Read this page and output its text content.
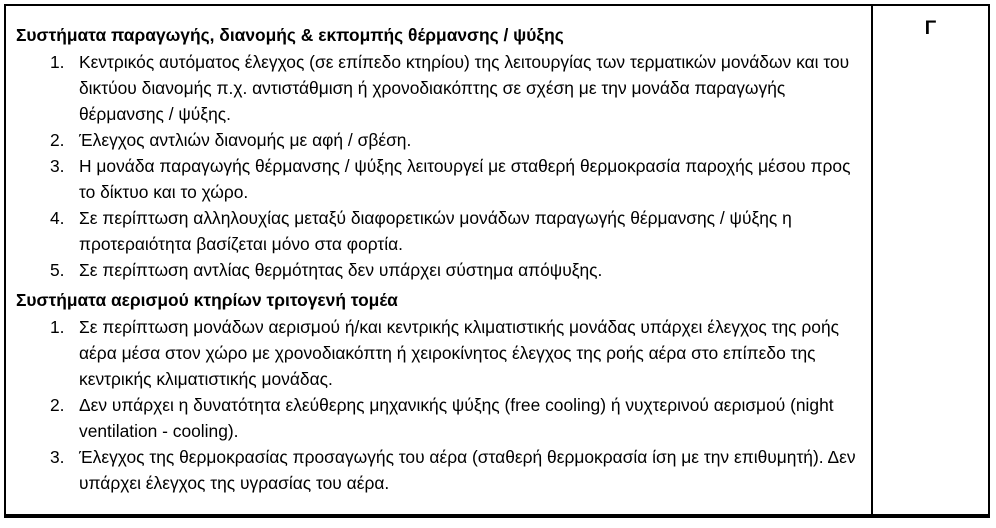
Συστήματα παραγωγής, διανομής & εκπομπής θέρμανσης / ψύξης

1. Κεντρικός αυτόματος έλεγχος (σε επίπεδο κτηρίου) της λειτουργίας των τερματικών μονάδων και του δικτύου διανομής π.χ. αντιστάθμιση ή χρονοδιακόπτης σε σχέση με την μονάδα παραγωγής θέρμανσης / ψύξης.
2. Έλεγχος αντλιών διανομής με αφή / σβέση.
3. Η μονάδα παραγωγής θέρμανσης / ψύξης λειτουργεί με σταθερή θερμοκρασία παροχής μέσου προς το δίκτυο και το χώρο.
4. Σε περίπτωση αλληλουχίας μεταξύ διαφορετικών μονάδων παραγωγής θέρμανσης / ψύξης η προτεραιότητα βασίζεται μόνο στα φορτία.
5. Σε περίπτωση αντλίας θερμότητας δεν υπάρχει σύστημα απόψυξης.

Συστήματα αερισμού κτηρίων τριτογενή τομέα

1. Σε περίπτωση μονάδων αερισμού ή/και κεντρικής κλιματιστικής μονάδας υπάρχει έλεγχος της ροής αέρα μέσα στον χώρο με χρονοδιακόπτη ή χειροκίνητος έλεγχος της ροής αέρα στο επίπεδο της κεντρικής κλιματιστικής μονάδας.
2. Δεν υπάρχει η δυνατότητα ελεύθερης μηχανικής ψύξης (free cooling) ή νυχτερινού αερισμού (night ventilation - cooling).
3. Έλεγχος της θερμοκρασίας προσαγωγής του αέρα (σταθερή θερμοκρασία ίση με την επιθυμητή). Δεν υπάρχει έλεγχος της υγρασίας του αέρα.
Γ
